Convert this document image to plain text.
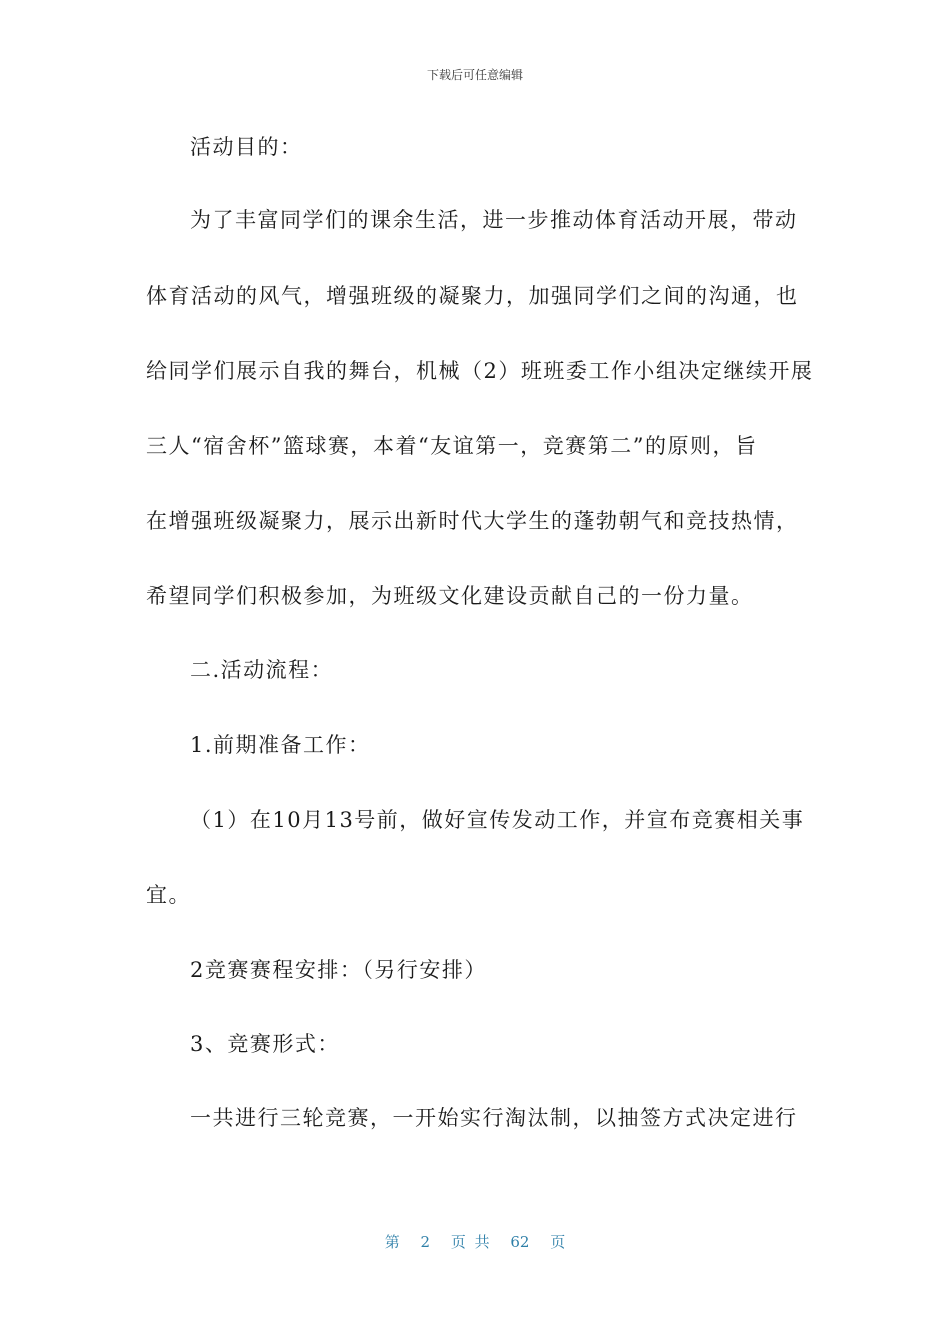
下载后可任意编辑
活动目的：
为了丰富同学们的课余生活，进一步推动体育活动开展，带动
体育活动的风气，增强班级的凝聚力，加强同学们之间的沟通，也
给同学们展示自我的舞台，机械（2）班班委工作小组决定继续开展
三人“宿舍杯”篮球赛，本着“友谊第一，竞赛第二”的原则，旨
在增强班级凝聚力，展示出新时代大学生的蓬勃朝气和竞技热情，
希望同学们积极参加，为班级文化建设贡献自己的一份力量。
二.活动流程：
1.前期准备工作：
（1）在10月13号前，做好宣传发动工作，并宣布竞赛相关事
宜。
2竞赛赛程安排：（另行安排）
3、竞赛形式：
一共进行三轮竞赛，一开始实行淘汰制，以抽签方式决定进行
第 2 页 共 62 页
